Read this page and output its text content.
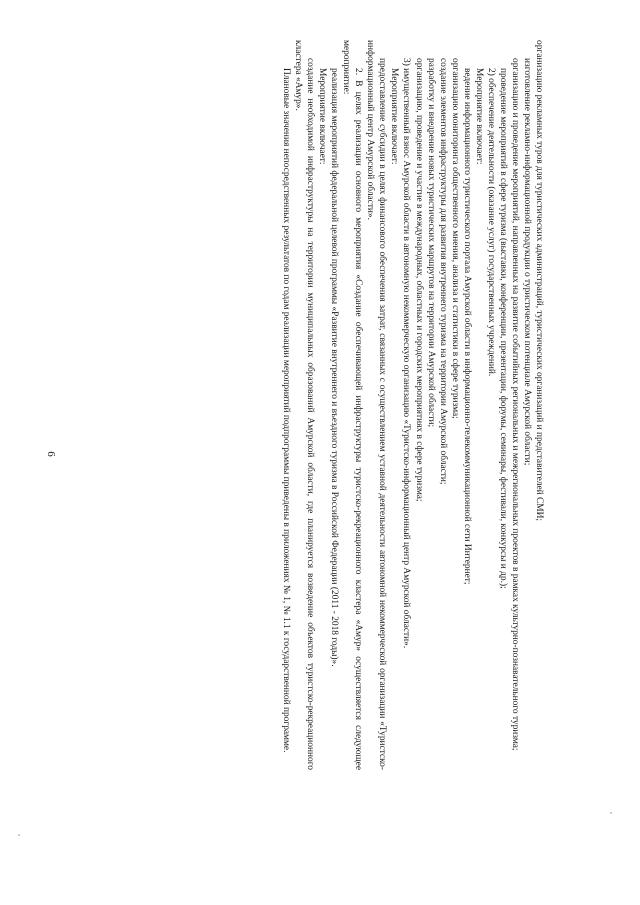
6	организацию рекламных туров для туристических администраций, туристических организаций и представителей СМИ;

изготовление рекламно-информационной продукции о туристическом потенциале Амурской области;

организацию и проведение мероприятий, направленных на развитие событийных региональных и межрегиональных проектов в рамках культурно-познавательного туризма;

проведение мероприятий в сфере туризма (выставки, конференции, презентации, форумы, семинары, фестивали, конкурсы и др.);

2) обеспечение деятельности (оказание услуг) государственных учреждений.

Мероприятие включает:

ведение информационного туристического портала Амурской области в информационно-телекоммуникационной сети Интернет;

организацию мониторинга общественного мнения, анализа и статистики в сфере туризма;

создание элементов инфраструктуры для развития внутреннего туризма на территории Амурской области;

разработку и внедрение новых туристических маршрутов на территории Амурской области;

организацию, проведение и участие в международных, областных и городских мероприятиях в сфере туризма;

3) имущественный взнос Амурской области в автономную некоммерческую организацию «Туристско-информационный центр Амурской области».

Мероприятие включает:

предоставление субсидии в целях финансового обеспечения затрат, связанных с осуществлением уставной деятельности автономной некоммерческой организации «Туристско-информационный центр Амурской области».

2. В целях реализации основного мероприятия «Создание обеспечивающей инфраструктуры туристско-рекреационного кластера «Амур» осуществляется следующее мероприятие:

реализация мероприятий федеральной целевой программы «Развитие внутреннего и въездного туризма в Российской Федерации (2011 - 2018 годы)».

Мероприятие включает:

создание необходимой инфраструктуры на территории муниципальных образований Амурской области, где планируется возведение объектов туристско-рекреационного кластера «Амур».

Плановые значения непосредственных результатов по годам реализации мероприятий подпрограммы приведены в приложениях № 1, № 1.1 к государственной программе.
